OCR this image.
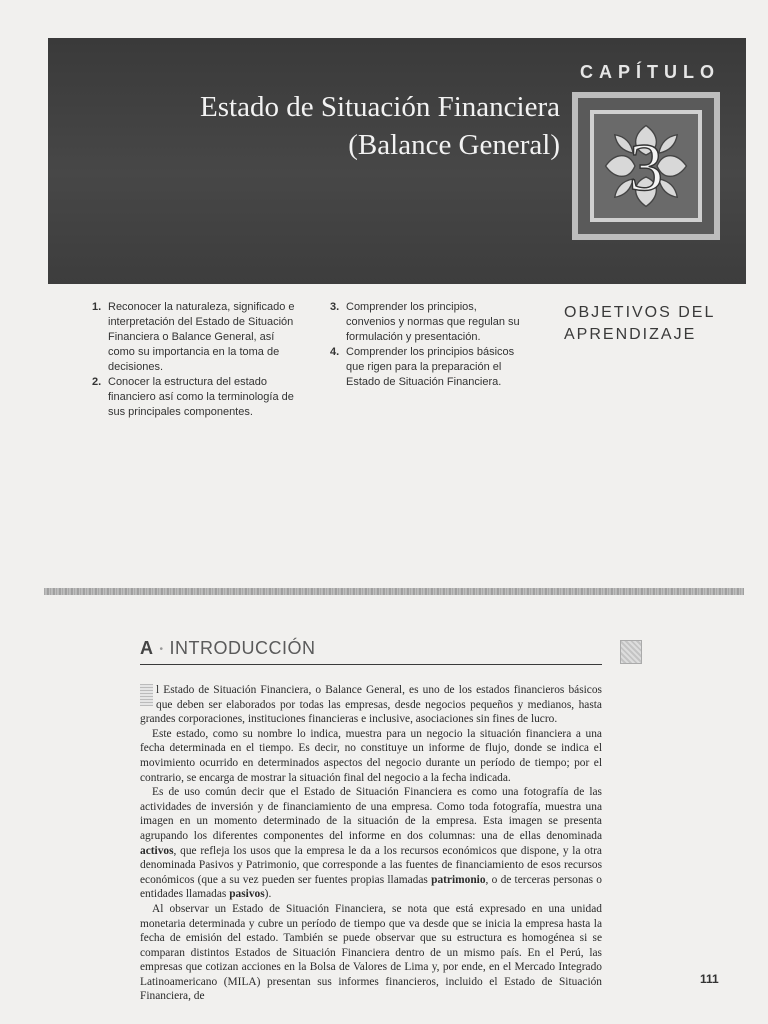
CAPÍTULO
Estado de Situación Financiera
(Balance General) 3
1. Reconocer la naturaleza, significado e interpretación del Estado de Situación Financiera o Balance General, así como su importancia en la toma de decisiones.
2. Conocer la estructura del estado financiero así como la terminología de sus principales componentes.
3. Comprender los principios, convenios y normas que regulan su formulación y presentación.
4. Comprender los principios básicos que rigen para la preparación el Estado de Situación Financiera.
OBJETIVOS DEL
APRENDIZAJE
A • INTRODUCCIÓN

l Estado de Situación Financiera, o Balance General, es uno de los estados financieros básicos que deben ser elaborados por todas las empresas, desde negocios pequeños y medianos, hasta grandes corporaciones, instituciones financieras e inclusive, asociaciones sin fines de lucro.

Este estado, como su nombre lo indica, muestra para un negocio la situación financiera a una fecha determinada en el tiempo. Es decir, no constituye un informe de flujo, donde se indica el movimiento ocurrido en determinados aspectos del negocio durante un período de tiempo; por el contrario, se encarga de mostrar la situación final del negocio a la fecha indicada.

Es de uso común decir que el Estado de Situación Financiera es como una fotografía de las actividades de inversión y de financiamiento de una empresa. Como toda fotografía, muestra una imagen en un momento determinado de la situación de la empresa. Esta imagen se presenta agrupando los diferentes componentes del informe en dos columnas: una de ellas denominada activos, que refleja los usos que la empresa le da a los recursos económicos que dispone, y la otra denominada Pasivos y Patrimonio, que corresponde a las fuentes de financiamiento de esos recursos económicos (que a su vez pueden ser fuentes propias llamadas patrimonio, o de terceras personas o entidades llamadas pasivos).

Al observar un Estado de Situación Financiera, se nota que está expresado en una unidad monetaria determinada y cubre un período de tiempo que va desde que se inicia la empresa hasta la fecha de emisión del estado. También se puede observar que su estructura es homogénea si se comparan distintos Estados de Situación Financiera dentro de un mismo país. En el Perú, las empresas que cotizan acciones en la Bolsa de Valores de Lima y, por ende, en el Mercado Integrado Latinoamericano (MILA) presentan sus informes financieros, incluido el Estado de Situación Financiera, de

111
